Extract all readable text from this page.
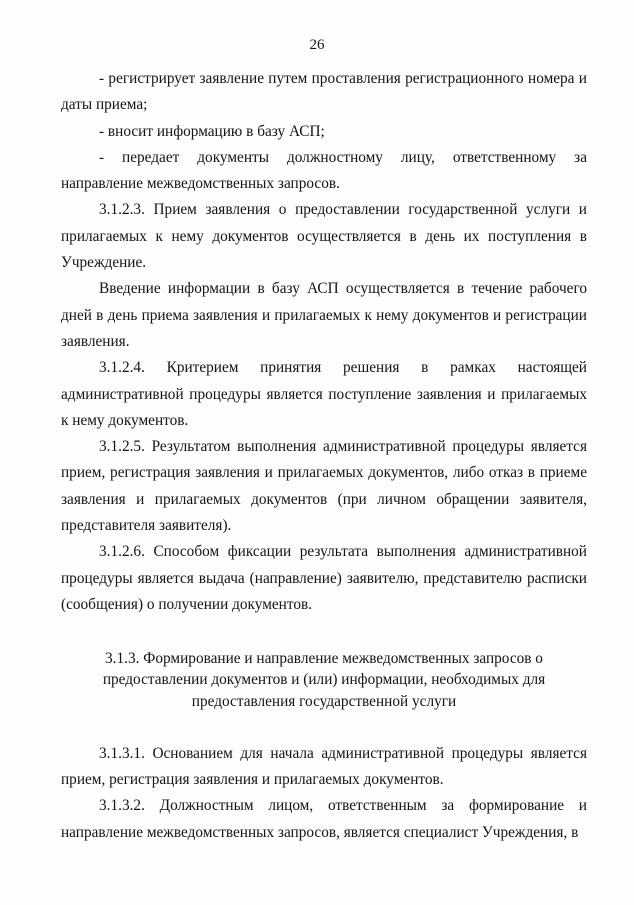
26

- регистрирует заявление путем проставления регистрационного номера и даты приема;

- вносит информацию в базу АСП;

- передает документы должностному лицу, ответственному за направление межведомственных запросов.

3.1.2.3. Прием заявления о предоставлении государственной услуги и прилагаемых к нему документов осуществляется в день их поступления в Учреждение.

Введение информации в базу АСП осуществляется в течение рабочего дней в день приема заявления и прилагаемых к нему документов и регистрации заявления.

3.1.2.4. Критерием принятия решения в рамках настоящей административной процедуры является поступление заявления и прилагаемых к нему документов.

3.1.2.5. Результатом выполнения административной процедуры является прием, регистрация заявления и прилагаемых документов, либо отказ в приеме заявления и прилагаемых документов (при личном обращении заявителя, представителя заявителя).

3.1.2.6. Способом фиксации результата выполнения административной процедуры является выдача (направление) заявителю, представителю расписки (сообщения) о получении документов.

3.1.3. Формирование и направление межведомственных запросов о
предоставлении документов и (или) информации, необходимых для
предоставления государственной услуги

3.1.3.1. Основанием для начала административной процедуры является прием, регистрация заявления и прилагаемых документов.

3.1.3.2. Должностным лицом, ответственным за формирование и направление межведомственных запросов, является специалист Учреждения, в
